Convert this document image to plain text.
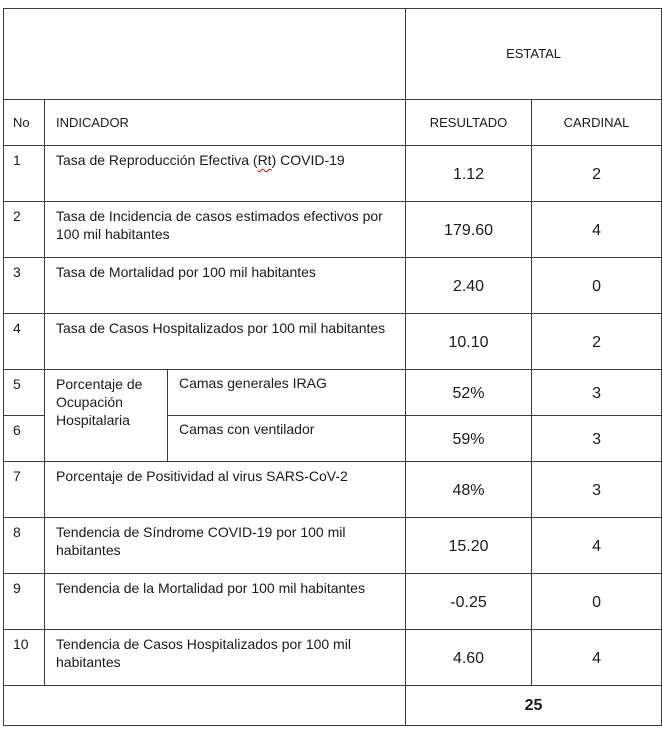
			ESTATAL	
No	INDICADOR		RESULTADO	CARDINAL
1	Tasa de Reproducción Efectiva (Rt) COVID-19		1.12	2
2	Tasa de Incidencia de casos estimados efectivos por 100 mil habitantes		179.60	4
3	Tasa de Mortalidad por 100 mil habitantes		2.40	0
4	Tasa de Casos Hospitalizados por 100 mil habitantes		10.10	2
5	Porcentaje de Ocupación Hospitalaria	Camas generales IRAG	52%	3
6		Camas con ventilador	59%	3
7	Porcentaje de Positividad al virus SARS-CoV-2		48%	3
8	Tendencia de Síndrome COVID-19 por 100 mil habitantes		15.20	4
9	Tendencia de la Mortalidad por 100 mil habitantes		-0.25	0
10	Tendencia de Casos Hospitalizados por 100 mil habitantes		4.60	4
			25	
